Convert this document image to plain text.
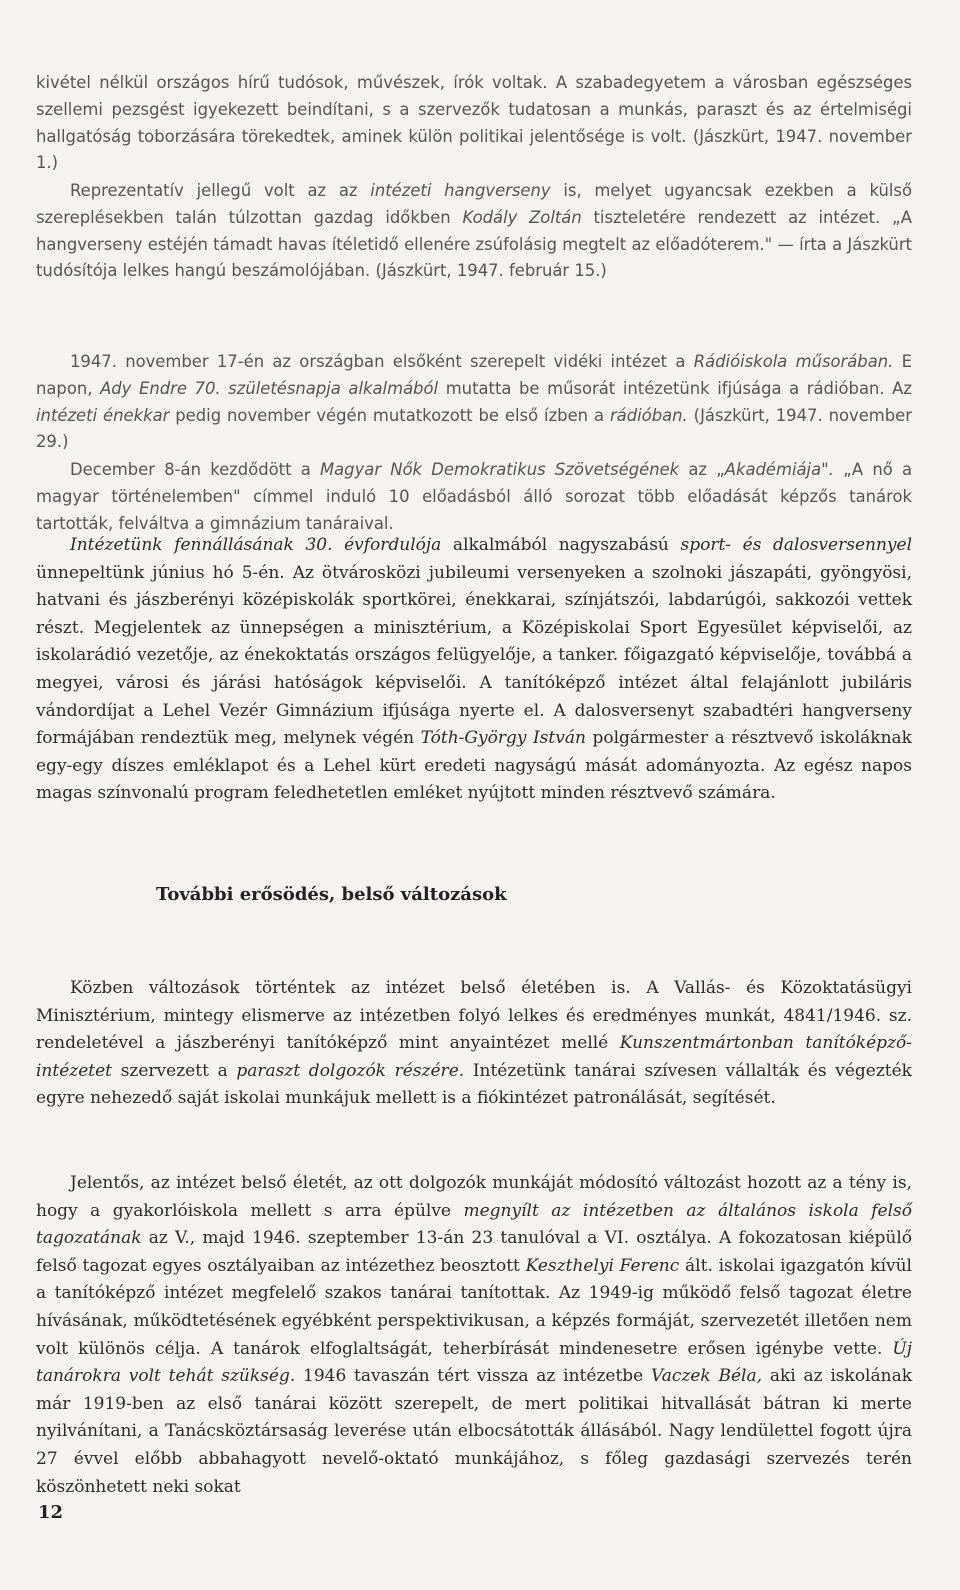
kivétel nélkül országos hírű tudósok, művészek, írók voltak. A szabadegyetem a városban egészséges szellemi pezsgést igyekezett beindítani, s a szervezők tudatosan a munkás, paraszt és az értelmiségi hallgatóság toborzására törekedtek, aminek külön politikai jelentősége is volt. (Jászkürt, 1947. november 1.)

Reprezentatív jellegű volt az az intézeti hangverseny is, melyet ugyancsak ezekben a külső szereplésekben talán túlzottan gazdag időkben Kodály Zoltán tiszteletére rendezett az intézet. „A hangverseny estéjén támadt havas ítéletidő ellenére zsúfolásig megtelt az előadóterem." — írta a Jászkürt tudósítója lelkes hangú beszámolójában. (Jászkürt, 1947. február 15.)

1947. november 17-én az országban elsőként szerepelt vidéki intézet a Rádióiskola műsorában. E napon, Ady Endre 70. születésnapja alkalmából mutatta be műsorát intézetünk ifjúsága a rádióban. Az intézeti énekkar pedig november végén mutatkozott be első ízben a rádióban. (Jászkürt, 1947. november 29.)

December 8-án kezdődött a Magyar Nők Demokratikus Szövetségének az „Akadémiája". „A nő a magyar történelemben" címmel induló 10 előadásból álló sorozat több előadását képzős tanárok tartották, felváltva a gimnázium tanáraival.

Intézetünk fennállásának 30. évfordulója alkalmából nagyszabású sport- és dalosversennyel ünnepeltünk június hó 5-én. Az ötvárosközi jubileumi versenyeken a szolnoki jászapáti, gyöngyösi, hatvani és jászberényi középiskolák sportkörei, énekkarai, színjátszói, labdarúgói, sakkozói vettek részt. Megjelentek az ünnepségen a minisztérium, a Középiskolai Sport Egyesület képviselői, az iskolarádió vezetője, az énekoktatás országos felügyelője, a tanker. főigazgató képviselője, továbbá a megyei, városi és járási hatóságok képviselői. A tanítóképző intézet által felajánlott jubiláris vándordíjat a Lehel Vezér Gimnázium ifjúsága nyerte el. A dalosversenyt szabadtéri hangverseny formájában rendeztük meg, melynek végén Tóth-György István polgármester a résztvevő iskoláknak egy-egy díszes emléklapot és a Lehel kürt eredeti nagyságú mását adományozta. Az egész napos magas színvonalú program feledhetetlen emléket nyújtott minden résztvevő számára.

További erősödés, belső változások

Közben változások történtek az intézet belső életében is. A Vallás- és Közoktatásügyi Minisztérium, mintegy elismerve az intézetben folyó lelkes és eredményes munkát, 4841/1946. sz. rendeletével a jászberényi tanítóképző mint anyaintézet mellé Kunszentmártonban tanítóképző-intézetet szervezett a paraszt dolgozók részére. Intézetünk tanárai szívesen vállalták és végezték egyre nehezedő saját iskolai munkájuk mellett is a fiókintézet patronálását, segítését.

Jelentős, az intézet belső életét, az ott dolgozók munkáját módosító változást hozott az a tény is, hogy a gyakorlóiskola mellett s arra épülve megnyílt az intézetben az általános iskola felső tagozatának az V., majd 1946. szeptember 13-án 23 tanulóval a VI. osztálya. A fokozatosan kiépülő felső tagozat egyes osztályaiban az intézethez beosztott Keszthelyi Ferenc ált. iskolai igazgatón kívül a tanítóképző intézet megfelelő szakos tanárai tanítottak. Az 1949-ig működő felső tagozat életre hívásának, működtetésének egyébként perspektivikusan, a képzés formáját, szervezetét illetően nem volt különös célja. A tanárok elfoglaltságát, teherbírását mindenesetre erősen igénybe vette. Új tanárokra volt tehát szükség. 1946 tavaszán tért vissza az intézetbe Vaczek Béla, aki az iskolának már 1919-ben az első tanárai között szerepelt, de mert politikai hitvallását bátran ki merte nyilvánítani, a Tanácsköztársaság leverése után elbocsátották állásából. Nagy lendülettel fogott újra 27 évvel előbb abbahagyott nevelő-oktató munkájához, s főleg gazdasági szervezés terén köszönhetett neki sokat

12
